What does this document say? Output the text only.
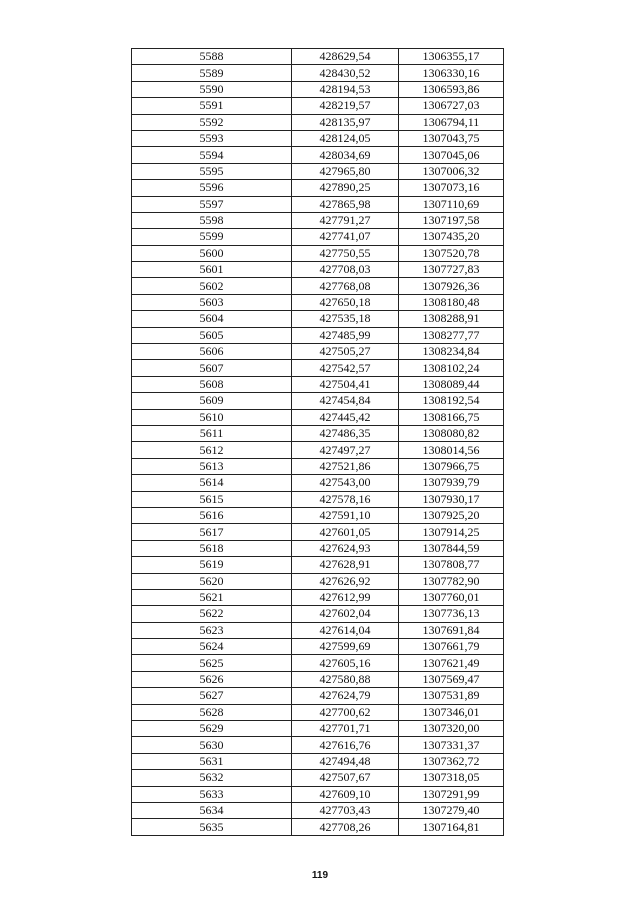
5588	428629,54	1306355,17
5589	428430,52	1306330,16
5590	428194,53	1306593,86
5591	428219,57	1306727,03
5592	428135,97	1306794,11
5593	428124,05	1307043,75
5594	428034,69	1307045,06
5595	427965,80	1307006,32
5596	427890,25	1307073,16
5597	427865,98	1307110,69
5598	427791,27	1307197,58
5599	427741,07	1307435,20
5600	427750,55	1307520,78
5601	427708,03	1307727,83
5602	427768,08	1307926,36
5603	427650,18	1308180,48
5604	427535,18	1308288,91
5605	427485,99	1308277,77
5606	427505,27	1308234,84
5607	427542,57	1308102,24
5608	427504,41	1308089,44
5609	427454,84	1308192,54
5610	427445,42	1308166,75
5611	427486,35	1308080,82
5612	427497,27	1308014,56
5613	427521,86	1307966,75
5614	427543,00	1307939,79
5615	427578,16	1307930,17
5616	427591,10	1307925,20
5617	427601,05	1307914,25
5618	427624,93	1307844,59
5619	427628,91	1307808,77
5620	427626,92	1307782,90
5621	427612,99	1307760,01
5622	427602,04	1307736,13
5623	427614,04	1307691,84
5624	427599,69	1307661,79
5625	427605,16	1307621,49
5626	427580,88	1307569,47
5627	427624,79	1307531,89
5628	427700,62	1307346,01
5629	427701,71	1307320,00
5630	427616,76	1307331,37
5631	427494,48	1307362,72
5632	427507,67	1307318,05
5633	427609,10	1307291,99
5634	427703,43	1307279,40
5635	427708,26	1307164,81
119
